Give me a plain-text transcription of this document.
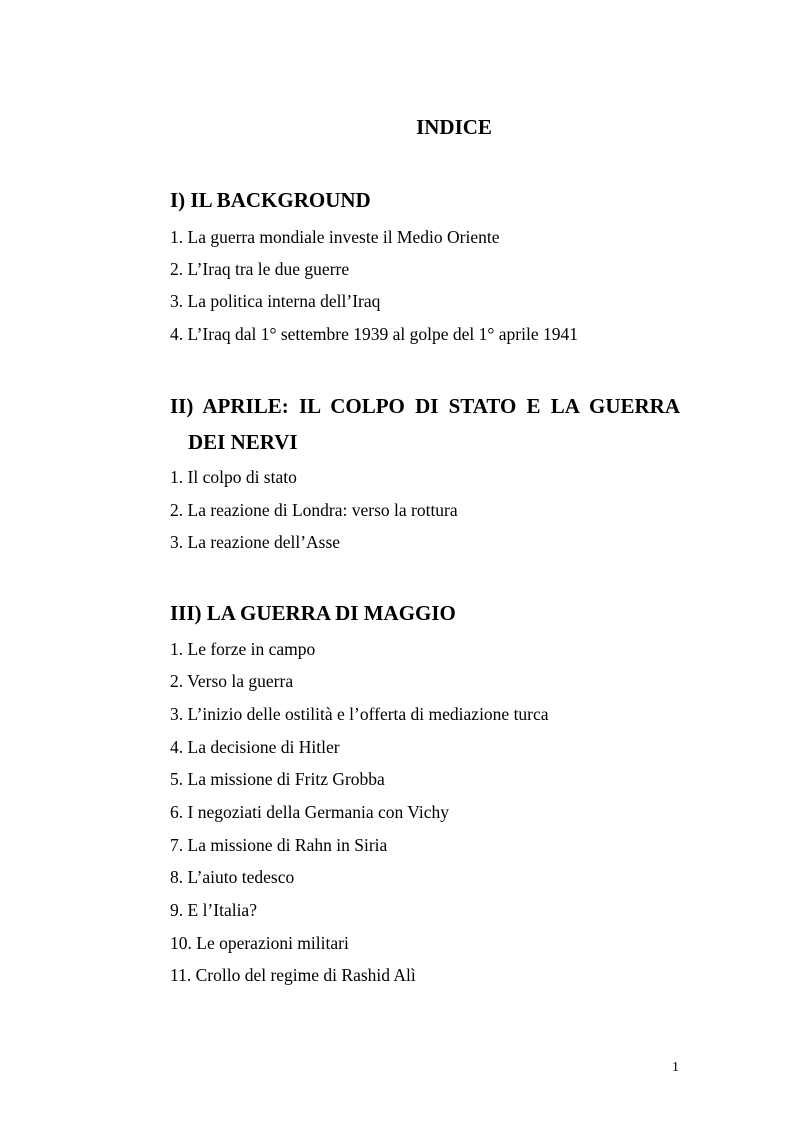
INDICE
I) IL BACKGROUND

1. La guerra mondiale investe il Medio Oriente

2. L’Iraq tra le due guerre

3. La politica interna dell’Iraq

4. L’Iraq dal 1° settembre 1939 al golpe del 1° aprile 1941

II) APRILE: IL COLPO DI STATO E LA GUERRA
DEI NERVI

1. Il colpo di stato

2. La reazione di Londra: verso la rottura

3. La reazione dell’Asse

III) LA GUERRA DI MAGGIO

1. Le forze in campo

2. Verso la guerra

3. L’inizio delle ostilità e l’offerta di mediazione turca

4. La decisione di Hitler

5. La missione di Fritz Grobba

6. I negoziati della Germania con Vichy

7. La missione di Rahn in Siria

8. L’aiuto tedesco

9. E l’Italia?

10. Le operazioni militari

11. Crollo del regime di Rashid Alì

1
